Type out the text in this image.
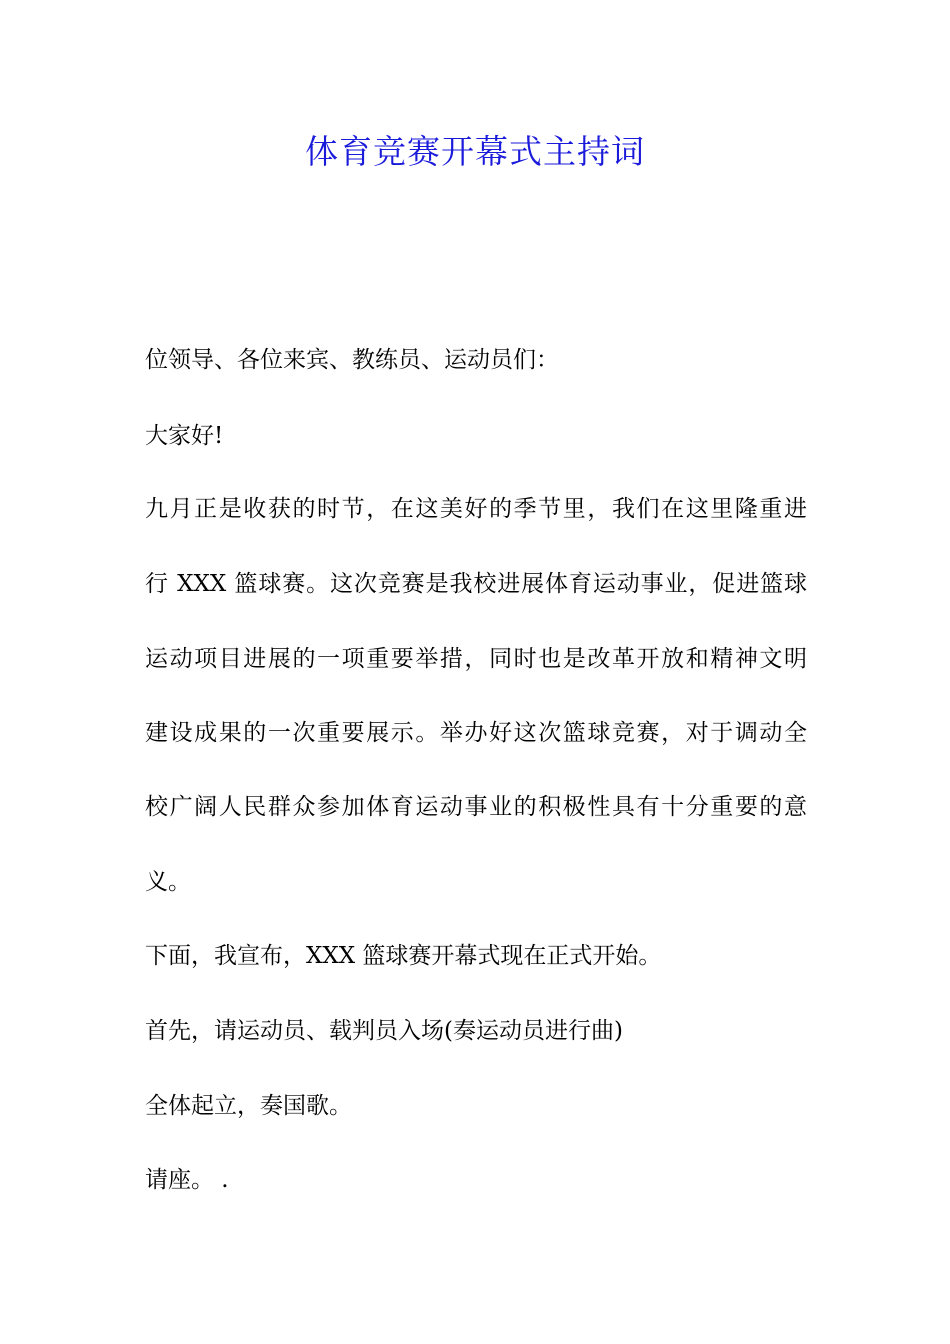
体育竞赛开幕式主持词
位领导、各位来宾、教练员、运动员们：
大家好!
九月正是收获的时节，在这美好的季节里，我们在这里隆重进
行 XXX 篮球赛。这次竞赛是我校进展体育运动事业，促进篮球
运动项目进展的一项重要举措，同时也是改革开放和精神文明
建设成果的一次重要展示。举办好这次篮球竞赛，对于调动全
校广阔人民群众参加体育运动事业的积极性具有十分重要的意
义。
下面，我宣布，XXX 篮球赛开幕式现在正式开始。
首先，请运动员、载判员入场(奏运动员进行曲)
全体起立，奏国歌。
请座。 .
